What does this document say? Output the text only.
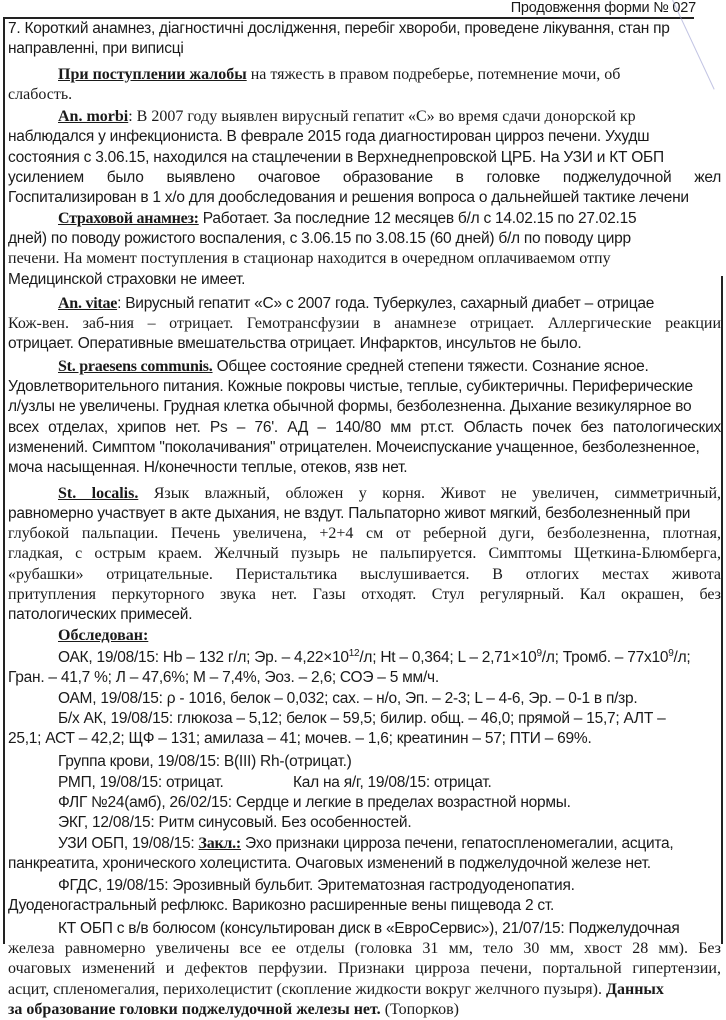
Продовження форми № 027
7. Короткий анамнез, діагностичні дослідження, перебіг хвороби, проведене лікування, стан пр
направленні, при виписці
При поступлении жалобы на тяжесть в правом подреберье, потемнение мочи, об
слабость.
An. morbi: В 2007 году выявлен вирусный гепатит «С» во время сдачи донорской кр
наблюдался у инфекциониста. В феврале 2015 года диагностирован цирроз печени. Ухудш
состояния с 3.06.15, находился на стацлечении в Верхнеднепровской ЦРБ. На УЗИ и КТ ОБП
усилением было выявлено очаговое образование в головке поджелудочной жел
Госпитализирован в 1 х/о для дообследования и решения вопроса о дальнейшей тактике лечени
Страховой анамнез: Работает. За последние 12 месяцев б/л с 14.02.15 по 27.02.15
дней) по поводу рожистого воспаления, с 3.06.15 по 3.08.15 (60 дней) б/л по поводу цирр
печени. На момент поступления в стационар находится в очередном оплачиваемом отпу
Медицинской страховки не имеет.
An. vitae: Вирусный гепатит «С» с 2007 года. Туберкулез, сахарный диабет – отрицае
Кож-вен. заб-ния – отрицает. Гемотрансфузии в анамнезе отрицает. Аллергические реакции
отрицает. Оперативные вмешательства отрицает. Инфарктов, инсультов не было.
St. praesens communis. Общее состояние средней степени тяжести. Сознание ясное.
Удовлетворительного питания. Кожные покровы чистые, теплые, субиктеричны. Периферические
л/узлы не увеличены. Грудная клетка обычной формы, безболезненна. Дыхание везикулярное во
всех отделах, хрипов нет. Ps – 76'. АД – 140/80 мм рт.ст. Область почек без патологических
изменений. Симптом "поколачивания" отрицателен. Мочеиспускание учащенное, безболезненное,
моча насыщенная. Н/конечности теплые, отеков, язв нет.
St. localis. Язык влажный, обложен у корня. Живот не увеличен, симметричный,
равномерно участвует в акте дыхания, не вздут. Пальпаторно живот мягкий, безболезненный при
глубокой пальпации. Печень увеличена, +2+4 см от реберной дуги, безболезненна, плотная,
гладкая, с острым краем. Желчный пузырь не пальпируется. Симптомы Щеткина-Блюмберга,
«рубашки» отрицательные. Перистальтика выслушивается. В отлогих местах живота
притупления перкуторного звука нет. Газы отходят. Стул регулярный. Кал окрашен, без
патологических примесей.
Обследован:
ОАК, 19/08/15: Hb – 132 г/л; Эр. – $4,22\times 10^{12}/л$; Ht – 0,364; $L - 2,71\times 10^9/л$; Тромб. – $77х10^9/л$;
Гран. – 41,7 %; Л – 47,6%; М – 7,4%, Эоз. – 2,6; СОЭ – 5 мм/ч.
ОАМ, 19/08/15: ρ - 1016, белок – 0,032; сах. – н/о, Эп. – 2-3; L – 4-6, Эр. – 0-1 в п/зр.
Б/х АК, 19/08/15: глюкоза – 5,12; белок – 59,5; билир. общ. – 46,0; прямой – 15,7; АЛТ –
25,1; АСТ – 42,2; ЩФ – 131; амилаза – 41; мочев. – 1,6; креатинин – 57; ПТИ – 69%.
Группа крови, 19/08/15: В(III) Rh-(отрицат.)
РМП, 19/08/15: отрицат.	Кал на я/г, 19/08/15: отрицат.
ФЛГ №24(амб), 26/02/15: Сердце и легкие в пределах возрастной нормы.
ЭКГ, 12/08/15: Ритм синусовый. Без особенностей.
УЗИ ОБП, 19/08/15: Закл.: Эхо признаки цирроза печени, гепатоспленомегалии, асцита,
панкреатита, хронического холецистита. Очаговых изменений в поджелудочной железе нет.
ФГДС, 19/08/15: Эрозивный бульбит. Эритематозная гастродуоденопатия.
Дуоденогастральный рефлюкс. Варикозно расширенные вены пищевода 2 ст.
КТ ОБП с в/в болюсом (консультирован диск в «ЕвроСервис»), 21/07/15: Поджелудочная
железа равномерно увеличены все ее отделы (головка 31 мм, тело 30 мм, хвост 28 мм). Без
очаговых изменений и дефектов перфузии. Признаки цирроза печени, портальной гипертензии,
асцит, спленомегалия, перихолецистит (скопление жидкости вокруг желчного пузыря). Данных
за образование головки поджелудочной железы нет. (Топорков)
